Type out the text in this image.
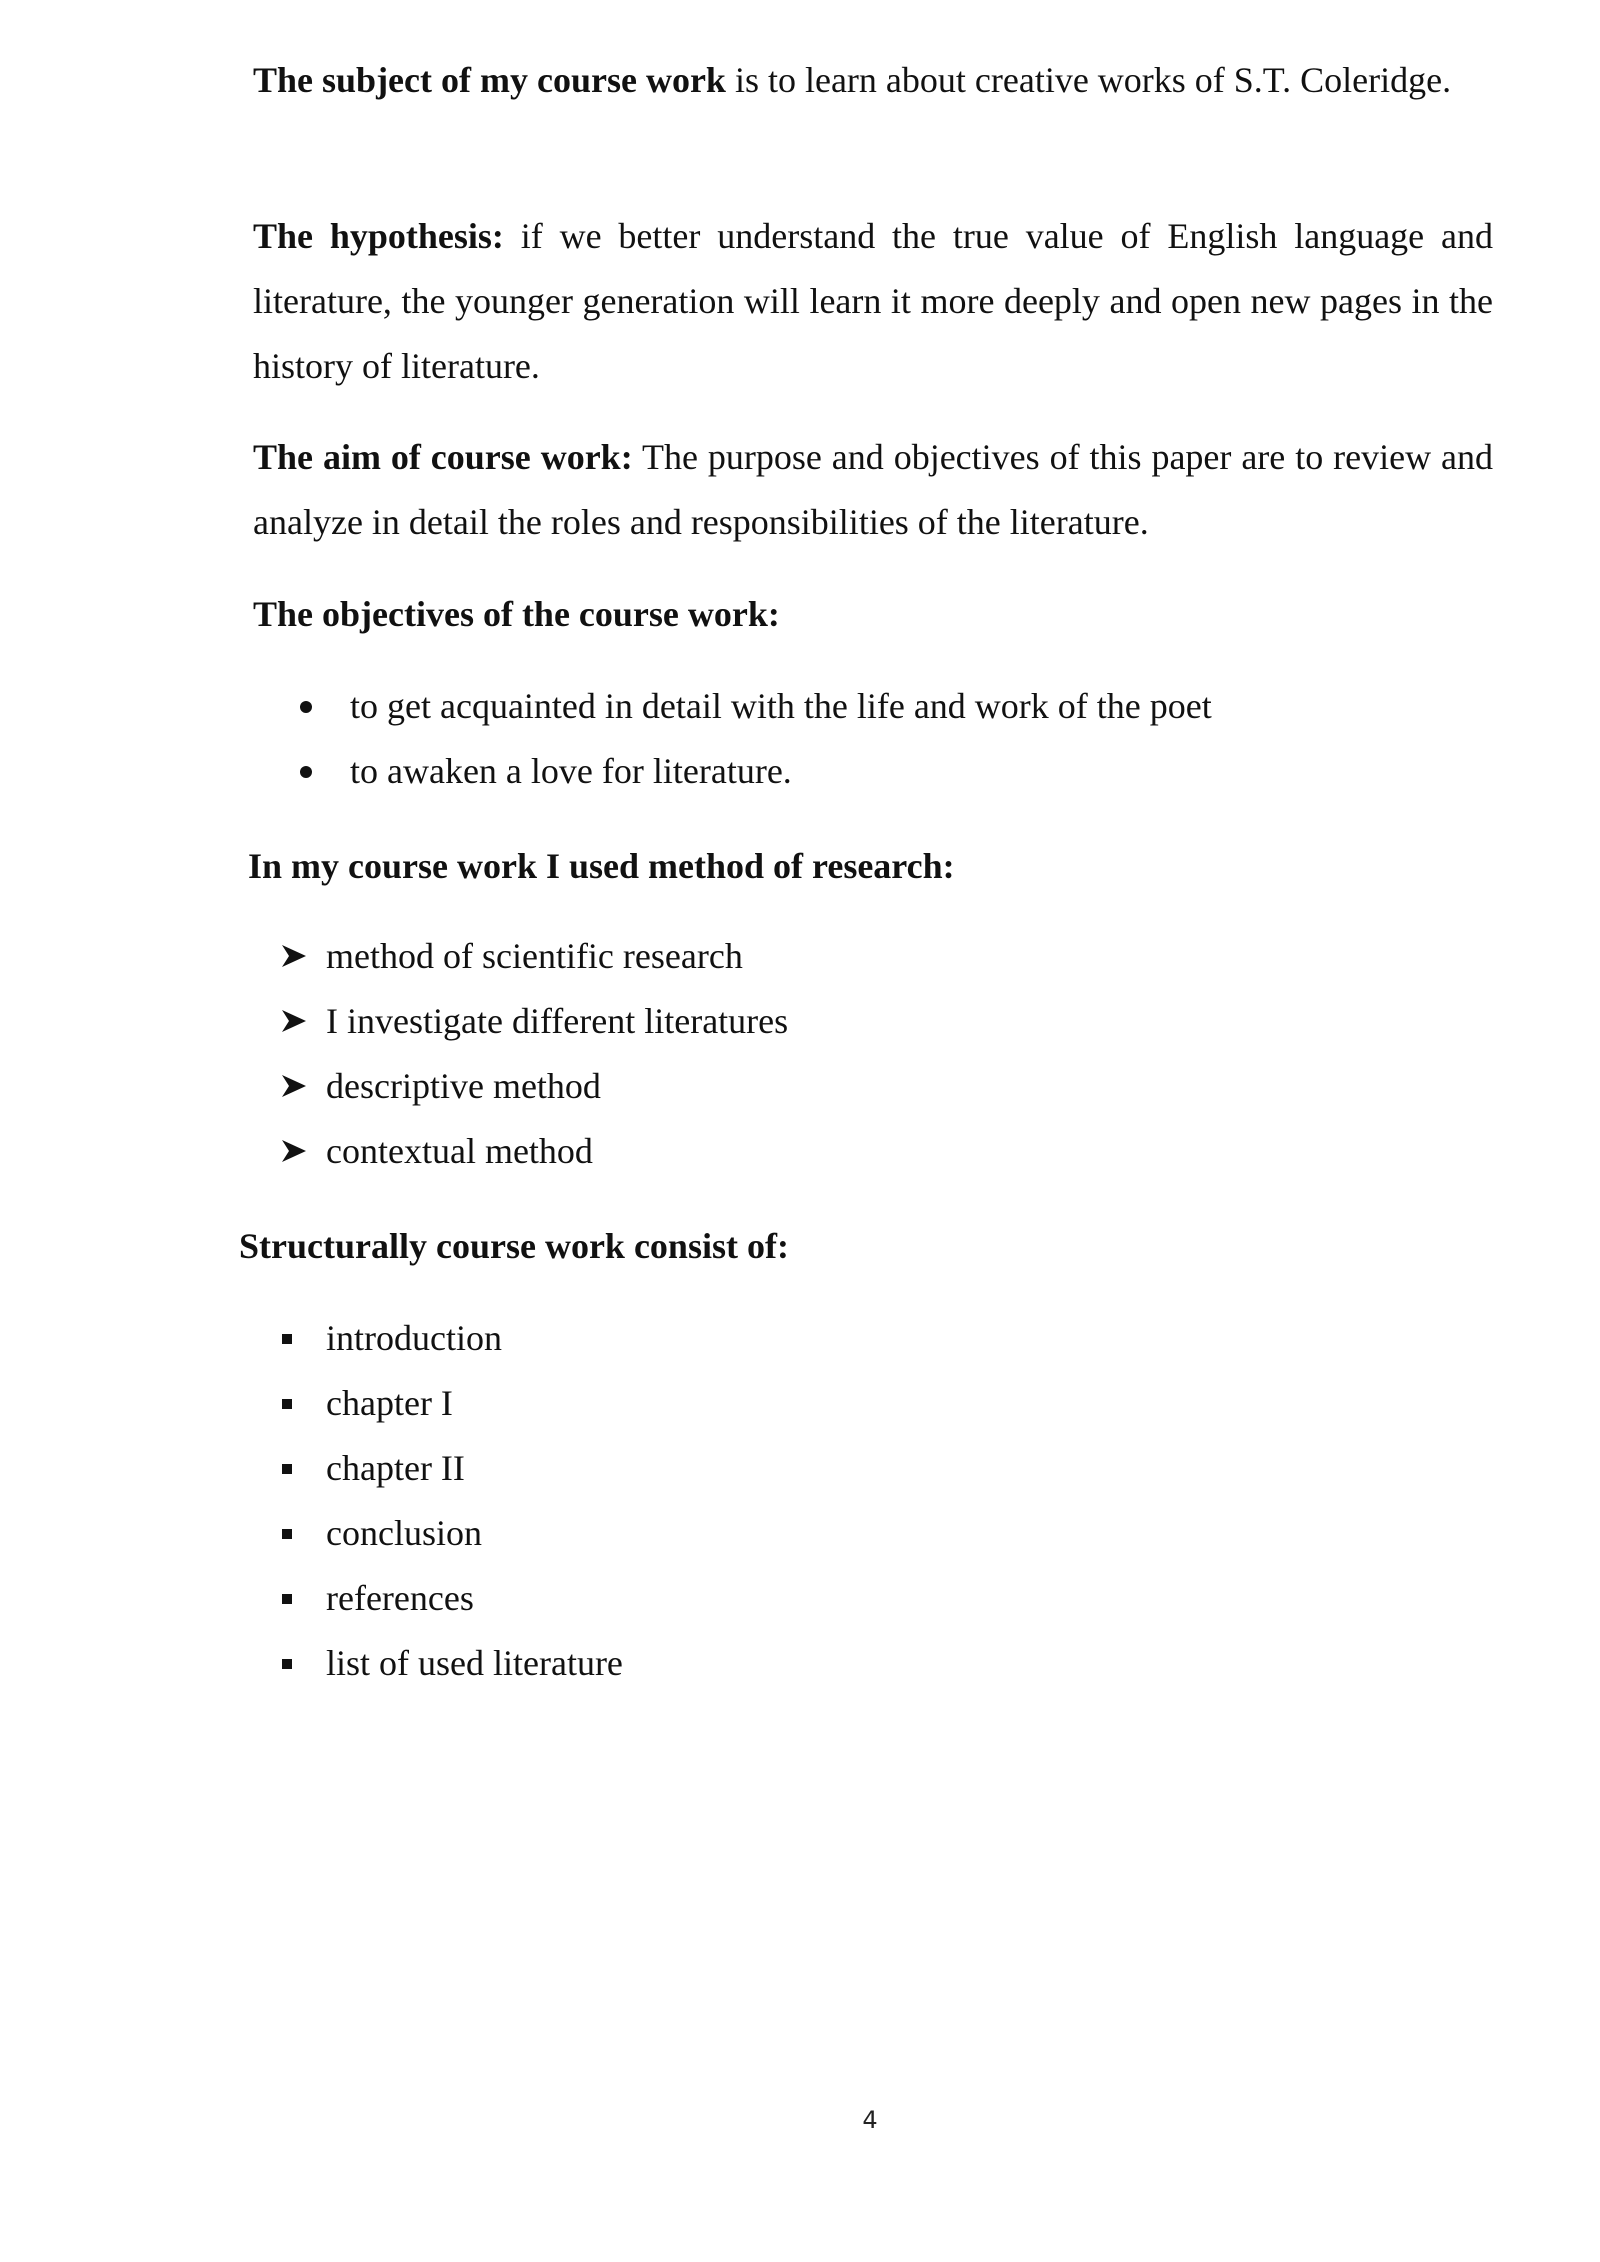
The subject of my course work is to learn about creative works of S.T. Coleridge.

The hypothesis: if we better understand the true value of English language and literature, the younger generation will learn it more deeply and open new pages in the history of literature.

The aim of course work: The purpose and objectives of this paper are to review and analyze in detail the roles and responsibilities of the literature.

The objectives of the course work:
to get acquainted in detail with the life and work of the poet
to awaken a love for literature.
In my course work I used method of research:
method of scientific research
I investigate different literatures
descriptive method
contextual method
Structurally course work consist of:
introduction
chapter I
chapter II
conclusion
references
list of used literature
4
